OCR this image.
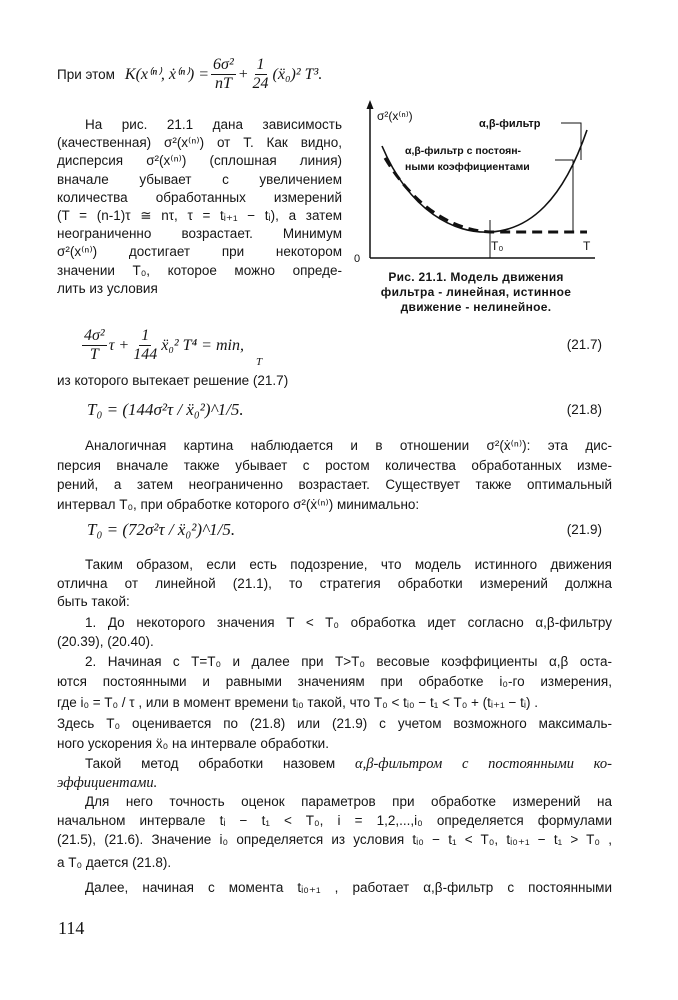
При этом K(x⁽ⁿ⁾, ẋ⁽ⁿ⁾) = $\frac{\text{6σ²}}{nT} + \frac{1}{24}$ (ẍ₀)² T³.
На рис. 21.1 дана зависимость
(качественная) σ²(x⁽ⁿ⁾) от Т. Как видно,
дисперсия σ²(x⁽ⁿ⁾) (сплошная линия)
вначале убывает с увеличением
количества обработанных измерений
(T = (n-1)τ ≅ nτ, τ = tᵢ₊₁ − tᵢ), а затем
неограниченно возрастает. Минимум
σ²(x⁽ⁿ⁾) достигает при некотором
значении T₀, которое можно опреде-
лить из условия
σ²(x⁽ⁿ⁾)
0
α,β-фильтр
α,β-фильтр с постоян-
ными коэффициентами
T₀	T
Рис. 21.1. Модель движения
фильтра - линейная, истинное
движение - нелинейное.
$\frac{\text{4σ²}}{T}$ $\tau + \frac{1}{144}$ ẍ₀² T⁴ = min,
T
(21.7)
из которого вытекает решение (21.7)
T₀ = (144σ²τ / ẍ₀²)^1/5.	(21.8)
Аналогичная картина наблюдается и в отношении σ²(ẋ⁽ⁿ⁾): эта дис-
персия вначале также убывает с ростом количества обработанных изме-
рений, а затем неограниченно возрастает. Существует также оптимальный
интервал T₀, при обработке которого σ²(ẋ⁽ⁿ⁾) минимально:
T₀ = (72σ²τ / ẍ₀²)^1/5.	(21.9)
Таким образом, если есть подозрение, что модель истинного движения
отлична от линейной (21.1), то стратегия обработки измерений должна
быть такой:
1. До некоторого значения T < T₀ обработка идет согласно α,β-фильтру
(20.39), (20.40).
2. Начиная с T=T₀ и далее при T>T₀ весовые коэффициенты α,β оста-
ются постоянными и равными значениям при обработке i₀-го измерения,
где i₀ = T₀ / τ , или в момент времени tᵢ₀ такой, что T₀ < tᵢ₀ − t₁ < T₀ + (tᵢ₊₁ − tᵢ) .
Здесь T₀ оценивается по (21.8) или (21.9) с учетом возможного максималь-
ного ускорения ẍ₀ на интервале обработки.
Такой метод обработки назовем α,β-фильтром с постоянными ко-
эффициентами.
Для него точность оценок параметров при обработке измерений на
начальном интервале tᵢ − t₁ < T₀, i = 1,2,...,i₀ определяется формулами
(21.5), (21.6). Значение i₀ определяется из условия tᵢ₀ − t₁ < T₀, tᵢ₀₊₁ − t₁ > T₀ ,
а T₀ дается (21.8).
Далее, начиная с момента tᵢ₀₊₁ , работает α,β-фильтр с постоянными
114
